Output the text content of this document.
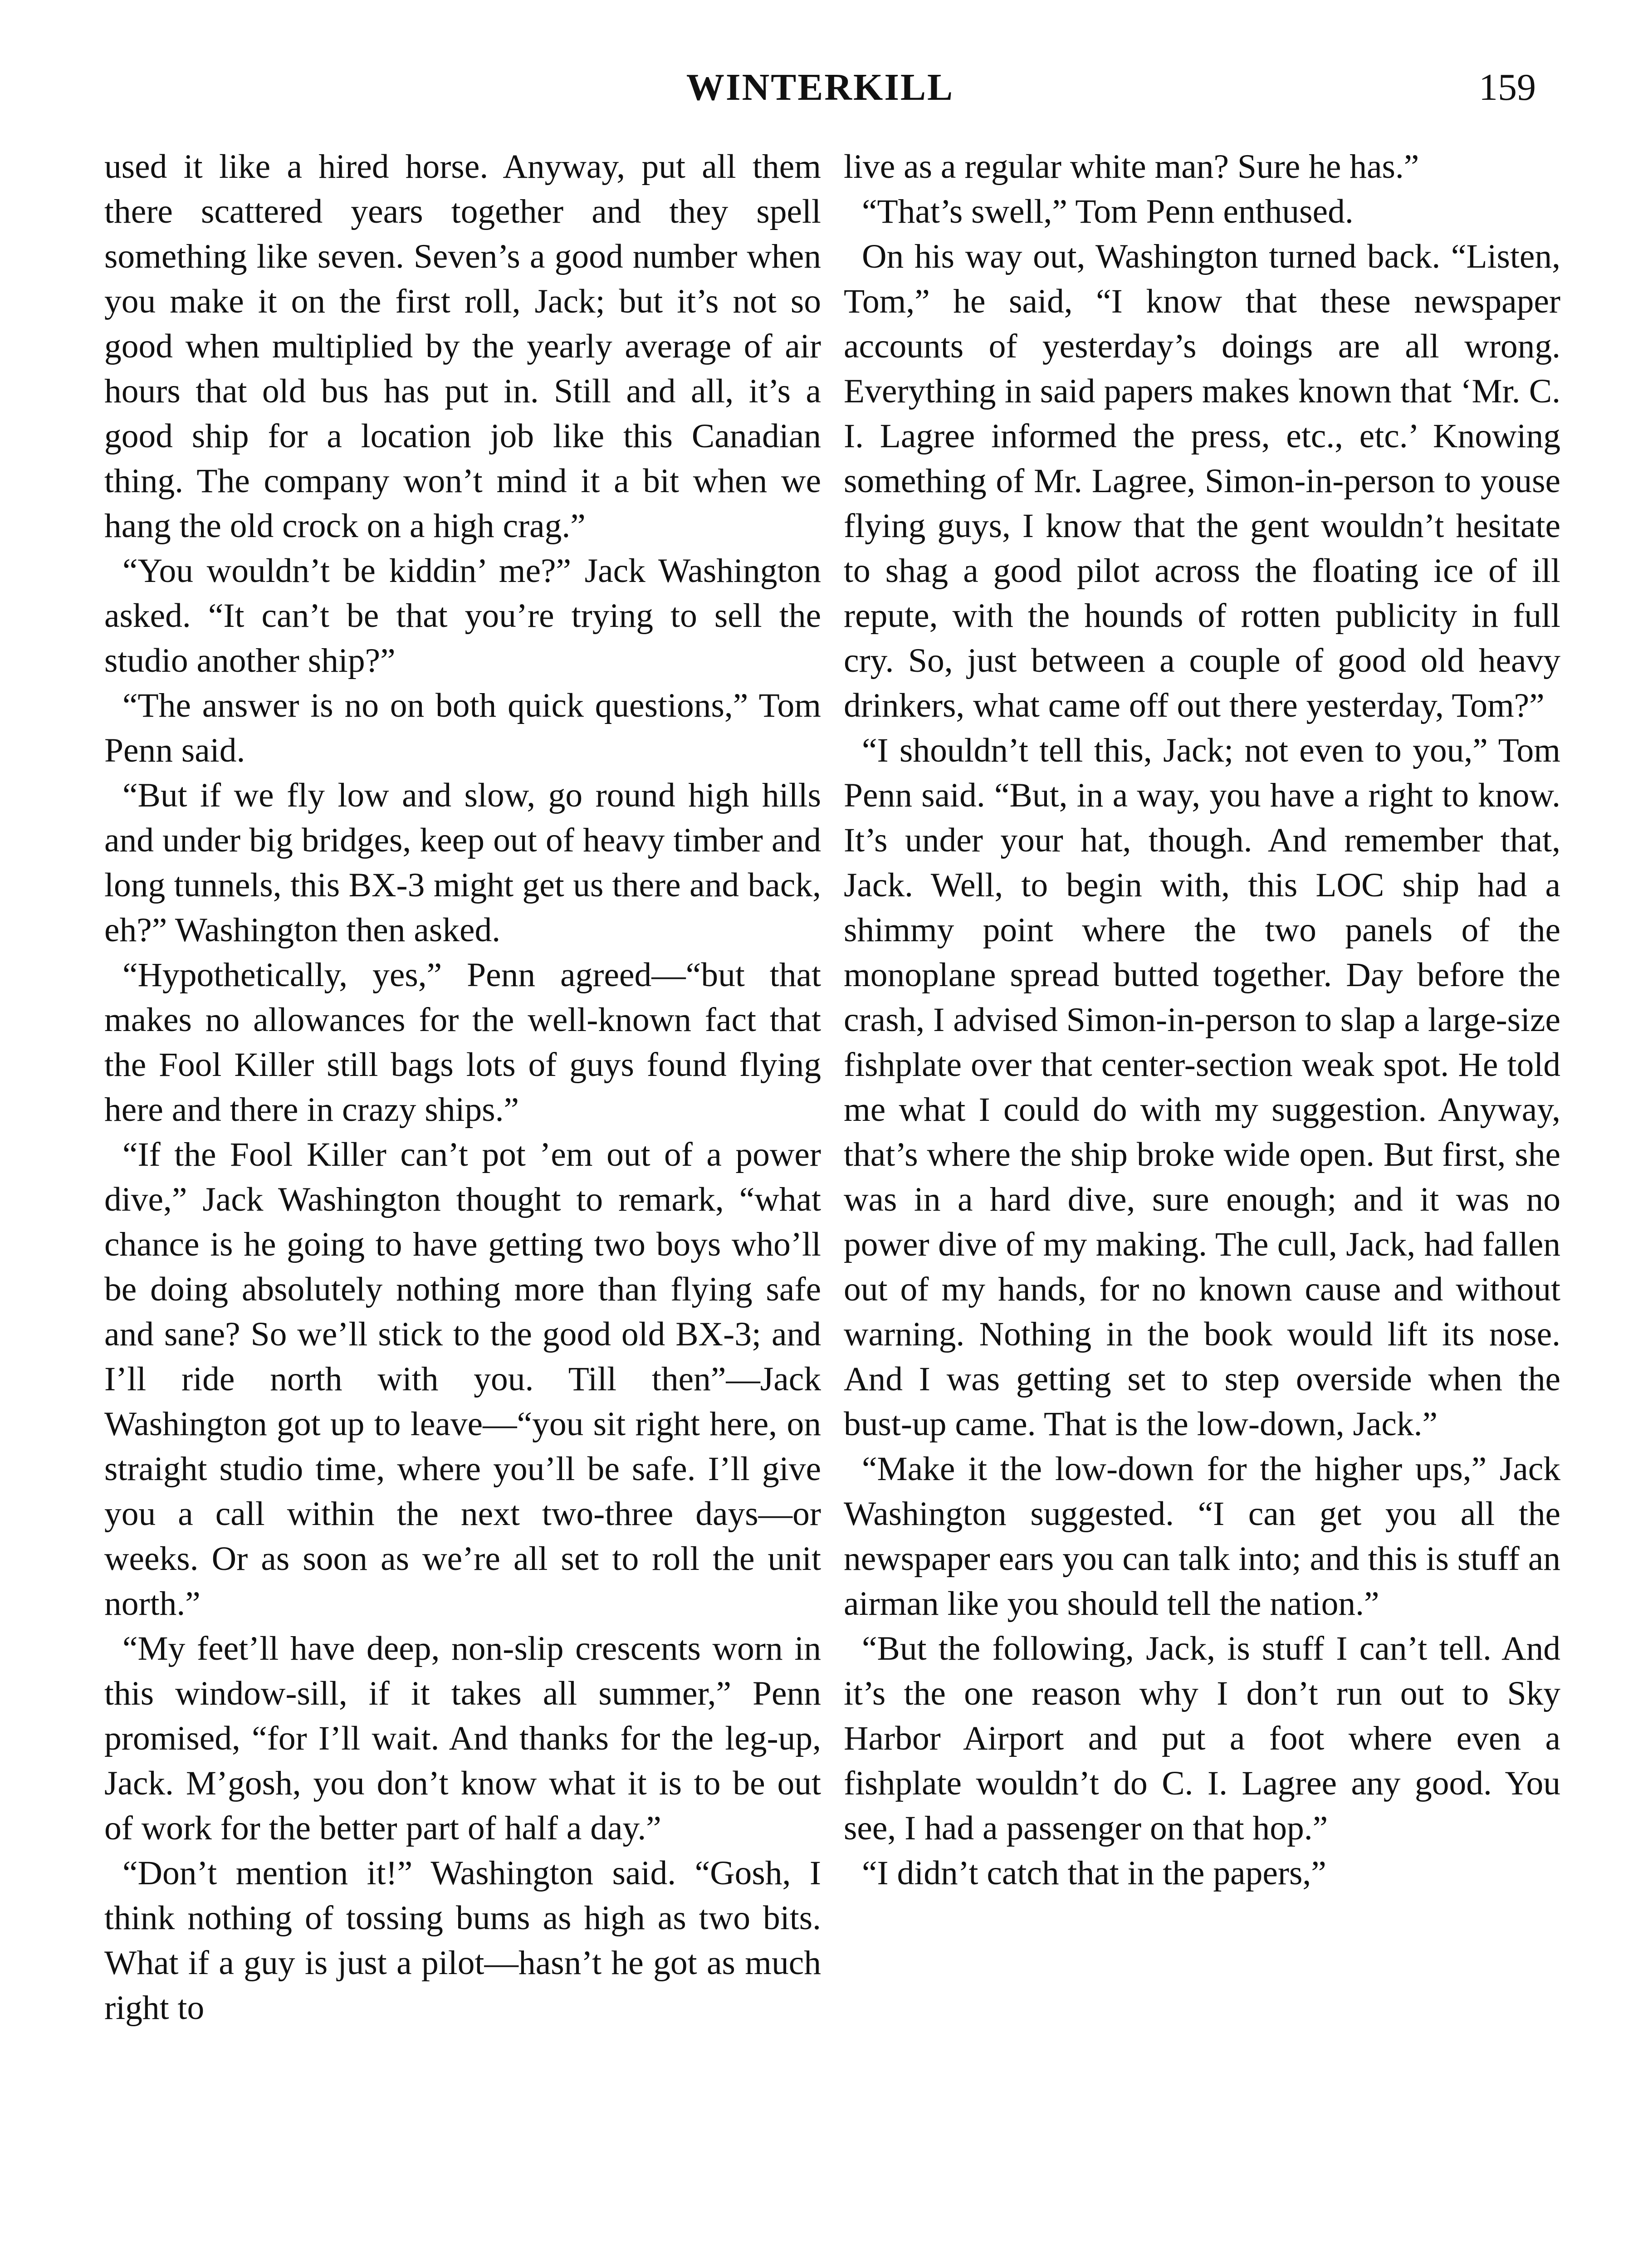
WINTERKILL	159

used it like a hired horse. Anyway, put all them there scattered years together and they spell something like seven. Seven’s a good number when you make it on the first roll, Jack; but it’s not so good when multiplied by the yearly average of air hours that old bus has put in. Still and all, it’s a good ship for a location job like this Canadian thing. The company won’t mind it a bit when we hang the old crock on a high crag.”

“You wouldn’t be kiddin’ me?” Jack Washington asked. “It can’t be that you’re trying to sell the studio another ship?”

“The answer is no on both quick questions,” Tom Penn said.

“But if we fly low and slow, go round high hills and under big bridges, keep out of heavy timber and long tunnels, this BX-3 might get us there and back, eh?” Washington then asked.

“Hypothetically, yes,” Penn agreed—“but that makes no allowances for the well-known fact that the Fool Killer still bags lots of guys found flying here and there in crazy ships.”

“If the Fool Killer can’t pot ’em out of a power dive,” Jack Washington thought to remark, “what chance is he going to have getting two boys who’ll be doing absolutely nothing more than flying safe and sane? So we’ll stick to the good old BX-3; and I’ll ride north with you. Till then”—Jack Washington got up to leave—“you sit right here, on straight studio time, where you’ll be safe. I’ll give you a call within the next two-three days—or weeks. Or as soon as we’re all set to roll the unit north.”

“My feet’ll have deep, non-slip crescents worn in this window-sill, if it takes all summer,” Penn promised, “for I’ll wait. And thanks for the leg-up, Jack. M’gosh, you don’t know what it is to be out of work for the better part of half a day.”

“Don’t mention it!” Washington said. “Gosh, I think nothing of tossing bums as high as two bits. What if a guy is just a pilot—hasn’t he got as much right to

live as a regular white man? Sure he has.”

“That’s swell,” Tom Penn enthused.

On his way out, Washington turned back. “Listen, Tom,” he said, “I know that these newspaper accounts of yesterday’s doings are all wrong. Everything in said papers makes known that ‘Mr. C. I. Lagree informed the press, etc., etc.’ Knowing something of Mr. Lagree, Simon-in-person to youse flying guys, I know that the gent wouldn’t hesitate to shag a good pilot across the floating ice of ill repute, with the hounds of rotten publicity in full cry. So, just between a couple of good old heavy drinkers, what came off out there yesterday, Tom?”

“I shouldn’t tell this, Jack; not even to you,” Tom Penn said. “But, in a way, you have a right to know. It’s under your hat, though. And remember that, Jack. Well, to begin with, this LOC ship had a shimmy point where the two panels of the monoplane spread butted together. Day before the crash, I advised Simon-in-person to slap a large-size fishplate over that center-section weak spot. He told me what I could do with my suggestion. Anyway, that’s where the ship broke wide open. But first, she was in a hard dive, sure enough; and it was no power dive of my making. The cull, Jack, had fallen out of my hands, for no known cause and without warning. Nothing in the book would lift its nose. And I was getting set to step overside when the bust-up came. That is the low-down, Jack.”

“Make it the low-down for the higher ups,” Jack Washington suggested. “I can get you all the newspaper ears you can talk into; and this is stuff an airman like you should tell the nation.”

“But the following, Jack, is stuff I can’t tell. And it’s the one reason why I don’t run out to Sky Harbor Airport and put a foot where even a fishplate wouldn’t do C. I. Lagree any good. You see, I had a passenger on that hop.”

“I didn’t catch that in the papers,”
